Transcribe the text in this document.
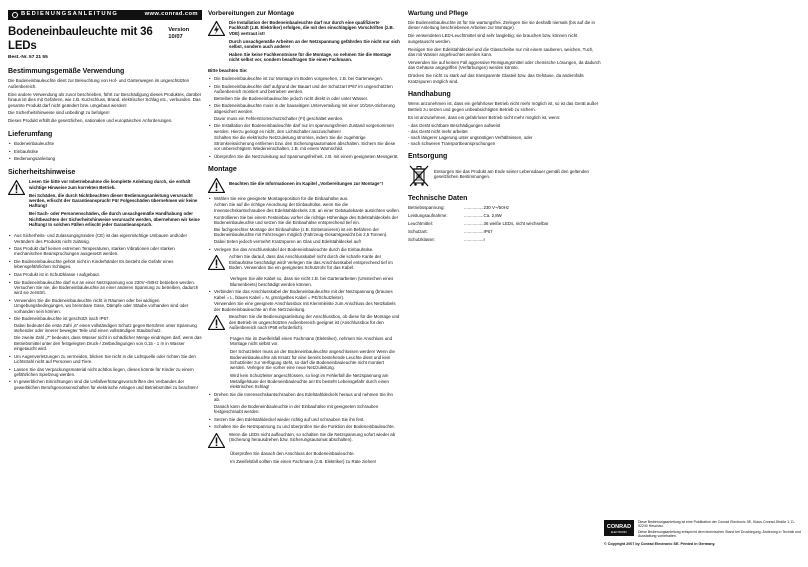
BEDIENUNGSANLEITUNG	www.conrad.com
Bodeneinbauleuchte mit 36 LEDs
Best.-Nr. 57 21 55
Version 10/07
Bestimmungsgemäße Verwendung

Die Bodeneinbauleuchte dient zur Beleuchtung von Hof- und Gartenwegen im ungeschützten Außenbereich.

Eine andere Verwendung als zuvor beschrieben, führt zur Beschädigung dieses Produktes, darüber hinaus ist dies mit Gefahren, wie z.B. Kurzschluss, Brand, elektrischer Schlag etc., verbunden. Das gesamte Produkt darf nicht geändert bzw. umgebaut werden!

Die Sicherheitshinweise sind unbedingt zu befolgen!

Dieses Produkt erfüllt die gesetzlichen, nationalen und europäischen Anforderungen.

Lieferumfang
• Bodeneinbauleuchte
• Einbauhülse
• Bedienungsanleitung
Sicherheitshinweise

Lesen Sie bitte vor Inbetriebnahme die komplette Anleitung durch, sie enthält wichtige Hinweise zum korrekten Betrieb.

Bei Schäden, die durch Nichtbeachten dieser Bedienungsanleitung verursacht werden, erlischt der Garantieanspruch! Für Folgeschäden übernehmen wir keine Haftung!

Bei Sach- oder Personenschäden, die durch unsachgemäße Handhabung oder Nichtbeachten der Sicherheitshinweise verursacht werden, übernehmen wir keine Haftung! In solchen Fällen erlischt jeder Garantieanspruch.

• Aus Sicherheits- und Zulassungsgründen (CE) ist das eigenmächtige Umbauen und/oder Verändern des Produkts nicht zulässig.
• Das Produkt darf keinen extremen Temperaturen, starken Vibrationen oder starken mechanischen Beanspruchungen ausgesetzt werden.
• Die Bodeneinbauleuchte gehört nicht in Kinderhände! Es besteht die Gefahr eines lebensgefährlichen Schlages.
• Das Produkt ist in Schutzklasse I aufgebaut.
• Die Bodeneinbauleuchte darf nur an einer Netzspannung von 230V~/50Hz betrieben werden. Versuchen Sie nie, die Bodeneinbauleuchte an einer anderen Spannung zu betreiben, dadurch wird sie zerstört.
• Verwenden Sie die Bodeneinbauleuchte nicht in Räumen oder bei widrigen Umgebungsbedingungen, wo brennbare Gase, Dämpfe oder Stäube vorhanden sind oder vorhanden sein können.
• Die Bodeneinbauleuchte ist geschützt nach IP67.

Dabei bedeutet die erste Zahl „6“ einen vollständigen Schutz gegen Berühren unter Spannung stehender oder innerer bewegter Teile und einen vollständigen Staubschutz.

Die zweite Zahl „7“ bedeutet, dass Wasser nicht in schädlicher Menge eindringen darf, wenn das Betriebsmittel unter den festgelegten Druck-/ Zeitbedingungen von 0,15 - 1 m in Wasser eingetaucht wird.

• Um Augenverletzungen zu vermeiden, blicken Sie nicht in die Lichtquelle oder richten Sie den Lichtstrahl nicht auf Personen und Tiere.
• Lassen Sie das Verpackungsmaterial nicht achtlos liegen, dieses könnte für Kinder zu einem gefährlichen Spielzeug werden.
• In gewerblichen Einrichtungen sind die Unfallverhütungsvorschriften des Verbandes der gewerblichen Berufsgenossenschaften für elektrische Anlagen und Betriebsmittel zu beachten!
Vorbereitungen zur Montage

Die Installation der Bodeneinbauleuchte darf nur durch eine qualifizierte Fachkraft (z.B. Elektriker) erfolgen, die mit den einschlägigen Vorschriften (z.B. VDE) vertraut ist!

Durch unsachgemäße Arbeiten an der Netzspannung gefährden Sie nicht nur sich selbst, sondern auch andere!

Haben Sie keine Fachkenntnisse für die Montage, so nehmen Sie die Montage nicht selbst vor, sondern beauftragen Sie einen Fachmann.

Bitte beachten Sie:

• Die Bodeneinbauleuchte ist zur Montage im Boden vorgesehen, z.B. bei Gartenwegen.
• Die Bodeneinbauleuchte darf aufgrund der Bauart und der Schutzart IP67 im ungeschützten Außenbereich montiert und betrieben werden.

Betreiben Sie die Bodeneinbauleuchte jedoch nicht direkt in oder unter Wasser.

• Die Bodeneinbauleuchte muss in der bauseitigen Unterverteilung mit einer 10/16A-Sicherung abgesichert werden.

Davor muss ein Fehlerstromschutzschalter (FI) geschaltet werden.

• Die Installation der Bodeneinbauleuchte darf nur im spannungsfreien Zustand vorgenommen werden. Hierzu genügt es nicht, den Lichtschalter auszuschalten!

Schalten Sie die elektrische Netzzuleitung stromlos, indem Sie die zugehörige Stromkreissicherung entfernen bzw. den Sicherungsautomaten abschalten. Sichern Sie diese vor unberechtigtem Wiedereinschalten, z.B. mit einem Warnschild.

• Überprüfen Sie die Netzzuleitung auf Spannungsfreiheit, z.B. mit einem geeigneten Messgerät.
Montage

Beachten Sie die Informationen im Kapitel „Vorbereitungen zur Montage“!

• Wählen Sie eine geeignete Montageposition für die Einbauhülse aus.

Achten Sie auf die richtige Anordnung der Einbauhülse, wenn Sie die Innensechskantschrauben des Edelstahldeckels z.B. an einer Gebäudekante ausrichten wollen.

Kontrollieren Sie bei einem Festeinbau vorher die richtige Höhenlage des Edelstahldeckels der Bodeneinbauleuchte und setzen Sie die Einbauhülse entsprechend tief ein.

Bei fachgerechter Montage der Einbauhülse (z.B. Einbetonieren) ist ein Befahren der Bodeneinbauleuchte mit Fahrzeugen möglich (Fahrzeug-Gesamtgewicht bis 2,5 Tonnen).

Dabei treten jedoch vermehrt Kratzspuren an Glas und Edelstahldeckel auf!

• Verlegen Sie das Anschlusskabel der Bodeneinbauleuchte durch die Einbauhülse.

Achten Sie darauf, dass das Anschlusskabel nicht durch die scharfe Kante der Einbauhülse beschädigt wird! Verlegen Sie das Anschlusskabel entsprechend tief im Boden. Verwenden Sie ein geeignetes Schutzrohr für das Kabel.

Verlegen Sie alle Kabel so, dass sie nicht z.B. bei Gartenarbeiten (Umstechen eines Blumenbeets) beschädigt werden können.

• Verbinden Sie das Anschlusskabel der Bodeneinbauleuchte mit der Netzspannung (braunes Kabel = L, blaues Kabel = N, grün/gelbes Kabel = PE/Schutzleiter).

Verwenden Sie eine geeignete Anschlussbox mit Klemmleiste zum Anschluss des Netzkabels der Bodeneinbauleuchte an Ihre Netzzuleitung.

Beachten Sie die Bedienungsanleitung der Anschlussbox, ob diese für die Montage und den Betrieb im ungeschützten Außenbereich geeignet ist (Anschlussbox für den Außenbereich nach IP68 erforderlich).

Fragen Sie im Zweifelsfall einen Fachmann (Elektriker), nehmen Sie Anschluss und Montage nicht selbst vor.

Der Schutzleiter muss an der Bodeneinbauleuchte angeschlossen werden! Wenn die Bodeneinbauleuchte als Ersatz für eine bereits bestehende Leuchte dient und kein Schutzleiter zur Verfügung steht, so darf die Bodeneinbauleuchte nicht montiert werden. Verlegen Sie vorher eine neue Netzzuleitung.

Wird kein Schutzleiter angeschlossen, so liegt im Fehlerfall die Netzspannung am Metallgehäuse der Bodeneinbauleuchte an! Es besteht Lebensgefahr durch einen elektrischen Schlag!

• Drehen Sie die Innensechskantschrauben des Edelstahldeckels heraus und nehmen Sie ihn ab.

Danach kann die Bodeneinbauleuchte in der Einbauhülse mit geeigneten Schrauben festgeschraubt werden.

• Setzen Sie den Edelstahldeckel wieder richtig auf und schrauben Sie ihn fest.
• Schalten Sie die Netzspannung zu und überprüfen Sie die Funktion der Bodeneinbauleuchte.

Wenn die LEDs nicht aufleuchten, so schalten Sie die Netzspannung sofort wieder ab (Sicherung herausdrehen bzw. Sicherungsautomat abschalten).

Überprüfen Sie danach den Anschluss der Bodeneinbauleuchte.

Im Zweifelsfall sollten Sie einen Fachmann (z.B. Elektriker) zu Rate ziehen!

Wartung und Pflege

Die Bodeneinbauleuchte ist für Sie wartungsfrei. Zerlegen Sie sie deshalb niemals (bis auf die in dieser Anleitung beschriebenen Arbeiten zur Montage).

Die verwendeten LED-Leuchtmittel sind sehr langlebig; sie brauchen bzw. können nicht ausgetauscht werden.

Reinigen Sie den Edelstahldeckel und die Glasscheibe nur mit einem sauberen, weichen, Tuch, das mit Wasser angefeuchtet werden kann.

Verwenden Sie auf keinen Fall aggressive Reinigungsmittel oder chemische Lösungen, da dadurch das Gehäuse angegriffen (Verfärbungen) werden könnte.

Drücken Sie nicht zu stark auf das transparente Glasteil bzw. das Gehäuse, da andernfalls Kratzspuren möglich sind.

Handhabung

Wenn anzunehmen ist, dass ein gefahrloser Betrieb nicht mehr möglich ist, so ist das Gerät außer Betrieb zu setzen und gegen unbeabsichtigten Betrieb zu sichern.

Es ist anzunehmen, dass ein gefahrloser Betrieb nicht mehr möglich ist, wenn:

- das Gerät sichtbare Beschädigungen aufweist
- das Gerät nicht mehr arbeitet
- nach längerer Lagerung unter ungünstigen Verhältnissen, oder
- nach schweren Transportbeanspruchungen
Entsorgung

Entsorgen Sie das Produkt am Ende seiner Lebensdauer gemäß den geltenden gesetzlichen Bestimmungen.

Technische Daten
Betriebsspannung:	................230 V~/50Hz
Leistungsaufnahme:	................Ca. 2,8W
Leuchtmittel:	................36 weiße LEDs, nicht wechselbar
Schutzart:	................IP67
Schutzklasse:	................I
CONRAD
ELECTRONIC

Diese Bedienungsanleitung ist eine Publikation der Conrad Electronic SE, Klaus-Conrad-Straße 1, D-92240 Hirschau.

Diese Bedienungsanleitung entspricht dem technischen Stand bei Drucklegung. Änderung in Technik und Ausstattung vorbehalten.

© Copyright 2007 by Conrad Electronic SE. Printed in Germany.
